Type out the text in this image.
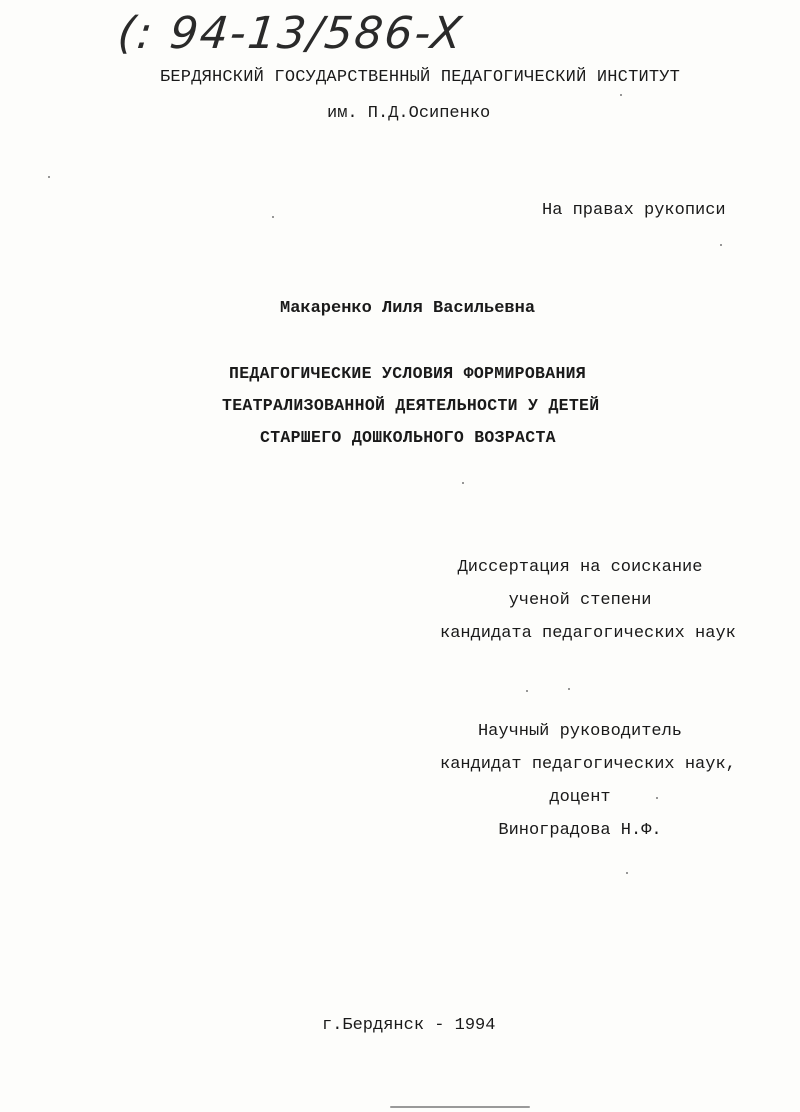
(: 94-13/586-X
БЕРДЯНСКИЙ ГОСУДАРСТВЕННЫЙ ПЕДАГОГИЧЕСКИЙ ИНСТИТУТ
им. П.Д.Осипенко
На правах рукописи
Макаренко Лиля Васильевна
ПЕДАГОГИЧЕСКИЕ УСЛОВИЯ ФОРМИРОВАНИЯ
ТЕАТРАЛИЗОВАННОЙ ДЕЯТЕЛЬНОСТИ У ДЕТЕЙ
СТАРШЕГО ДОШКОЛЬНОГО ВОЗРАСТА
Диссертация на соискание
ученой степени
кандидата педагогических наук
Научный руководитель
кандидат педагогических наук,
доцент
Виноградова Н.Ф.
г.Бердянск - 1994
